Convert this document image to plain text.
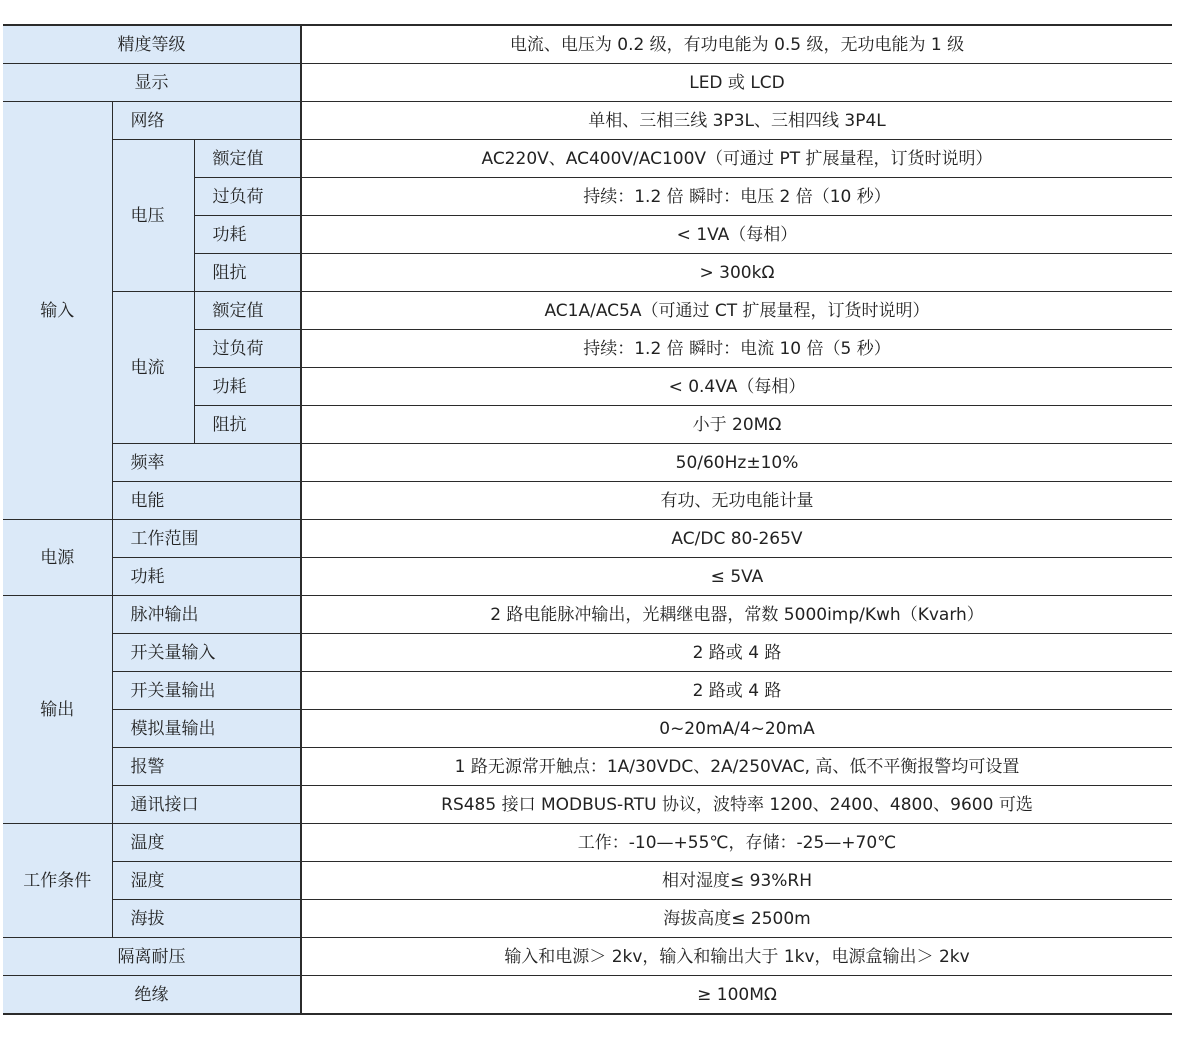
精度等级			电流、电压为 0.2 级，有功电能为 0.5 级，无功电能为 1 级
显示			LED 或 LCD
输入	网络		单相、三相三线 3P3L、三相四线 3P4L
	电压	额定值	AC220V、AC400V/AC100V（可通过 PT 扩展量程，订货时说明）
		过负荷	持续：1.2 倍 瞬时：电压 2 倍（10 秒）
		功耗	< 1VA（每相）
		阻抗	> 300kΩ
	电流	额定值	AC1A/AC5A（可通过 CT 扩展量程，订货时说明）
		过负荷	持续：1.2 倍 瞬时：电流 10 倍（5 秒）
		功耗	< 0.4VA（每相）
		阻抗	小于 20MΩ
	频率		50/60Hz±10%
	电能		有功、无功电能计量
电源	工作范围		AC/DC 80-265V
	功耗		≤ 5VA
输出	脉冲输出		2 路电能脉冲输出，光耦继电器，常数 5000imp/Kwh（Kvarh）
	开关量输入		2 路或 4 路
	开关量输出		2 路或 4 路
	模拟量输出		0~20mA/4~20mA
	报警		1 路无源常开触点：1A/30VDC、2A/250VAC, 高、低不平衡报警均可设置
	通讯接口		RS485 接口 MODBUS-RTU 协议，波特率 1200、2400、4800、9600 可选
工作条件	温度		工作：-10—+55℃，存储：-25—+70℃
	湿度		相对湿度≤ 93%RH
	海拔		海拔高度≤ 2500m
隔离耐压			输入和电源＞ 2kv，输入和输出大于 1kv，电源盒输出＞ 2kv
绝缘			≥ 100MΩ
